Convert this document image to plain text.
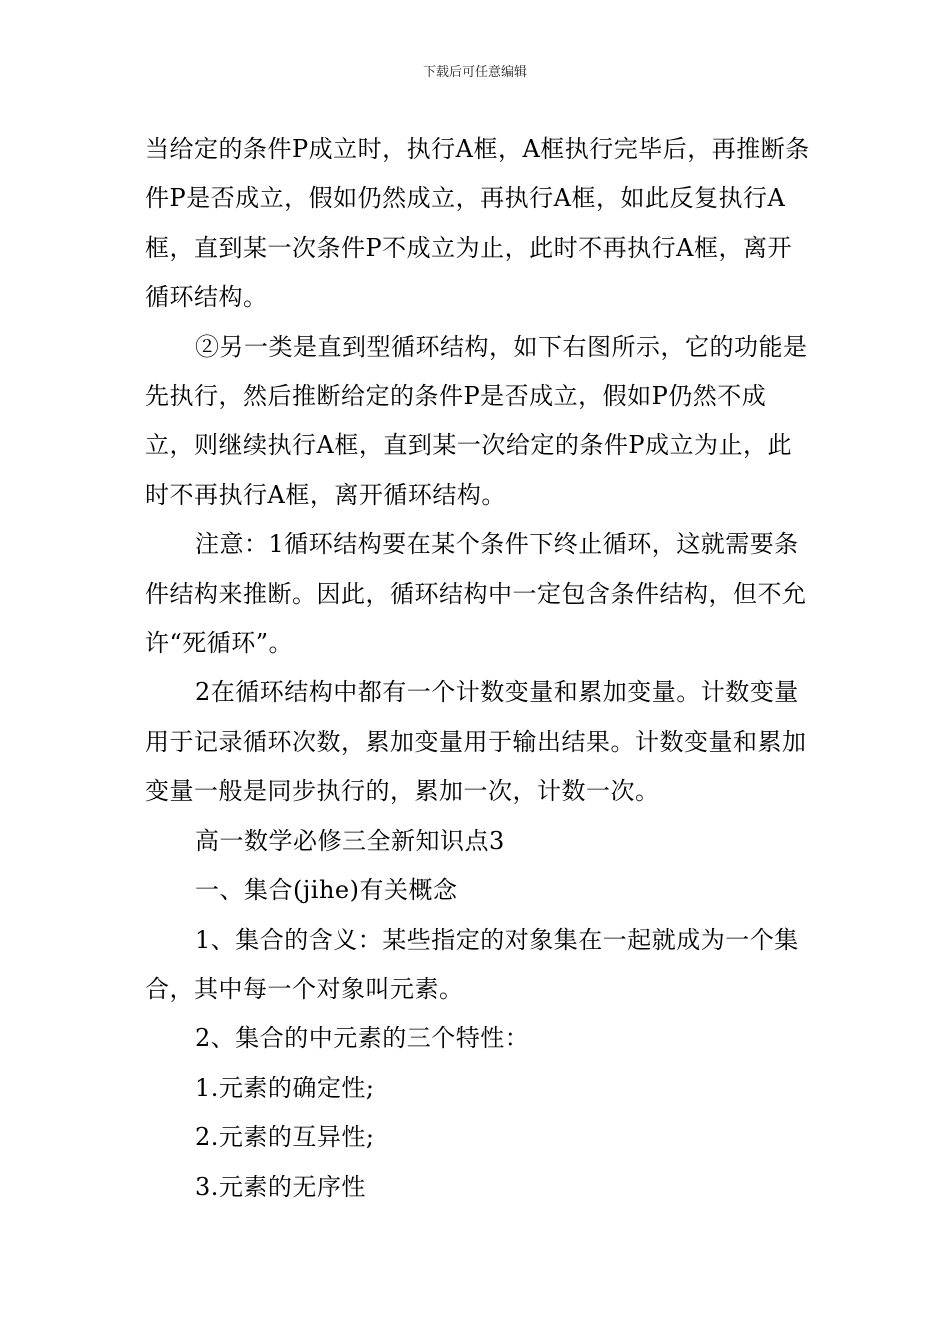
下载后可任意编辑

当给定的条件P成立时，执行A框，A框执行完毕后，再推断条件P是否成立，假如仍然成立，再执行A框，如此反复执行A框，直到某一次条件P不成立为止，此时不再执行A框，离开循环结构。

②另一类是直到型循环结构，如下右图所示，它的功能是先执行，然后推断给定的条件P是否成立，假如P仍然不成立，则继续执行A框，直到某一次给定的条件P成立为止，此时不再执行A框，离开循环结构。

注意：1循环结构要在某个条件下终止循环，这就需要条件结构来推断。因此，循环结构中一定包含条件结构，但不允许“死循环”。

2在循环结构中都有一个计数变量和累加变量。计数变量用于记录循环次数，累加变量用于输出结果。计数变量和累加变量一般是同步执行的，累加一次，计数一次。

高一数学必修三全新知识点3

一、集合(jihe)有关概念

1、集合的含义：某些指定的对象集在一起就成为一个集合，其中每一个对象叫元素。

2、集合的中元素的三个特性：

1.元素的确定性;

2.元素的互异性;

3.元素的无序性
